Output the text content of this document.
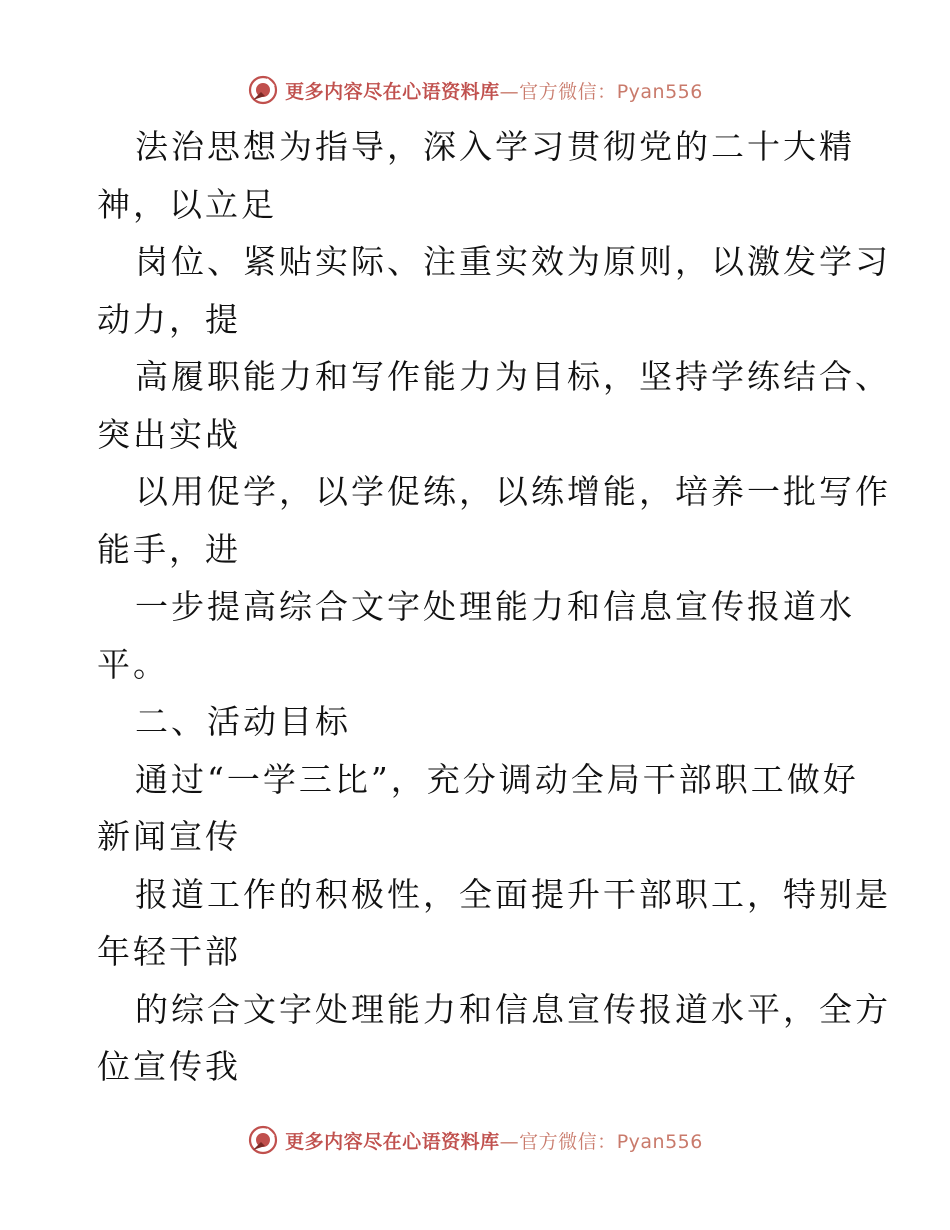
更多内容尽在心语资料库—官方微信：Pyan556
法治思想为指导，深入学习贯彻党的二十大精
神，以立足
岗位、紧贴实际、注重实效为原则，以激发学习
动力，提
高履职能力和写作能力为目标，坚持学练结合、
突出实战
以用促学，以学促练，以练增能，培养一批写作
能手，进
一步提高综合文字处理能力和信息宣传报道水
平。
二、活动目标
通过“一学三比”，充分调动全局干部职工做好
新闻宣传
报道工作的积极性，全面提升干部职工，特别是
年轻干部
的综合文字处理能力和信息宣传报道水平，全方
位宣传我
更多内容尽在心语资料库—官方微信：Pyan556
